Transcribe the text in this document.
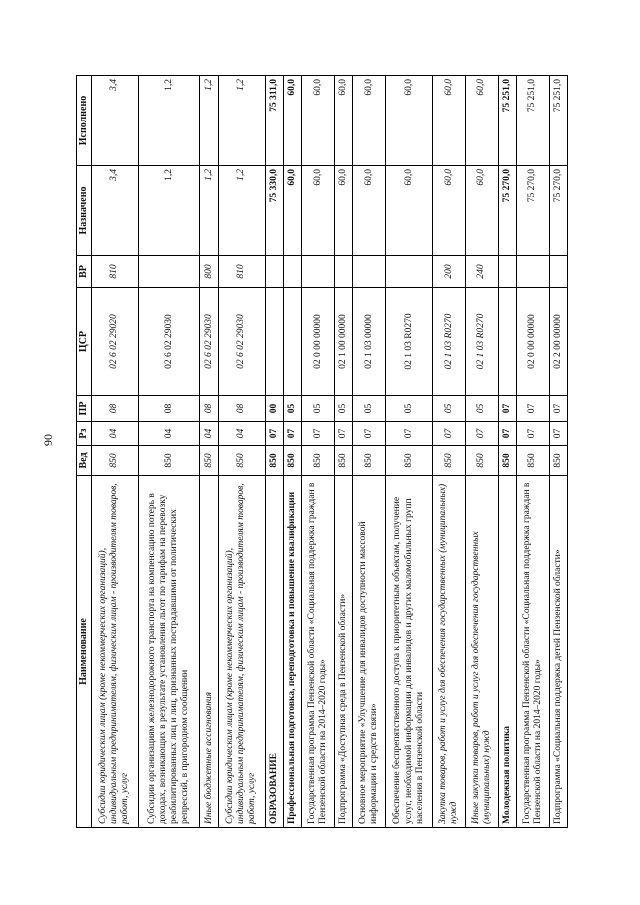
90
Наименование	Вед	Рз	ПР	ЦСР	ВР	Назначено	Исполнено
Субсидии юридическим лицам (кроме некоммерческих организаций), индивидуальным предпринимателям, физическим лицам - производителям товаров, работ, услуг	850	04	08	02 6 02 29020	810	3,4	3,4
Субсидии организациям железнодорожного транспорта на компенсацию потерь в доходах, возникающих в результате установления льгот по тарифам на перевозку реабилитированных лиц и лиц, признанных пострадавшими от политических репрессий, в пригородном сообщении	850	04	08	02 6 02 29030		1,2	1,2
Иные бюджетные ассигнования	850	04	08	02 6 02 29030	800	1,2	1,2
Субсидии юридическим лицам (кроме некоммерческих организаций), индивидуальным предпринимателям, физическим лицам - производителям товаров, работ, услуг	850	04	08	02 6 02 29030	810	1,2	1,2
ОБРАЗОВАНИЕ	850	07	00			75 330,0	75 311,0
Профессиональная подготовка, переподготовка и повышение квалификации	850	07	05			60,0	60,0
Государственная программа Пензенской области «Социальная поддержка граждан в Пензенской области на 2014–2020 годы»	850	07	05	02 0 00 00000		60,0	60,0
Подпрограмма «Доступная среда в Пензенской области»	850	07	05	02 1 00 00000		60,0	60,0
Основное мероприятие «Улучшение для инвалидов доступности массовой информации и средств связи»	850	07	05	02 1 03 00000		60,0	60,0
Обеспечение беспрепятственного доступа к приоритетным объектам, получение услуг, необходимой информации для инвалидов и других маломобильных групп населения в Пензенской области	850	07	05	02 1 03 R0270		60,0	60,0
Закупка товаров, работ и услуг для обеспечения государственных (муниципальных) нужд	850	07	05	02 1 03 R0270	200	60,0	60,0
Иные закупки товаров, работ и услуг для обеспечения государственных (муниципальных) нужд	850	07	05	02 1 03 R0270	240	60,0	60,0
Молодежная политика	850	07	07			75 270,0	75 251,0
Государственная программа Пензенской области «Социальная поддержка граждан в Пензенской области на 2014–2020 годы»	850	07	07	02 0 00 00000		75 270,0	75 251,0
Подпрограмма «Социальная поддержка детей Пензенской области»	850	07	07	02 2 00 00000		75 270,0	75 251,0
